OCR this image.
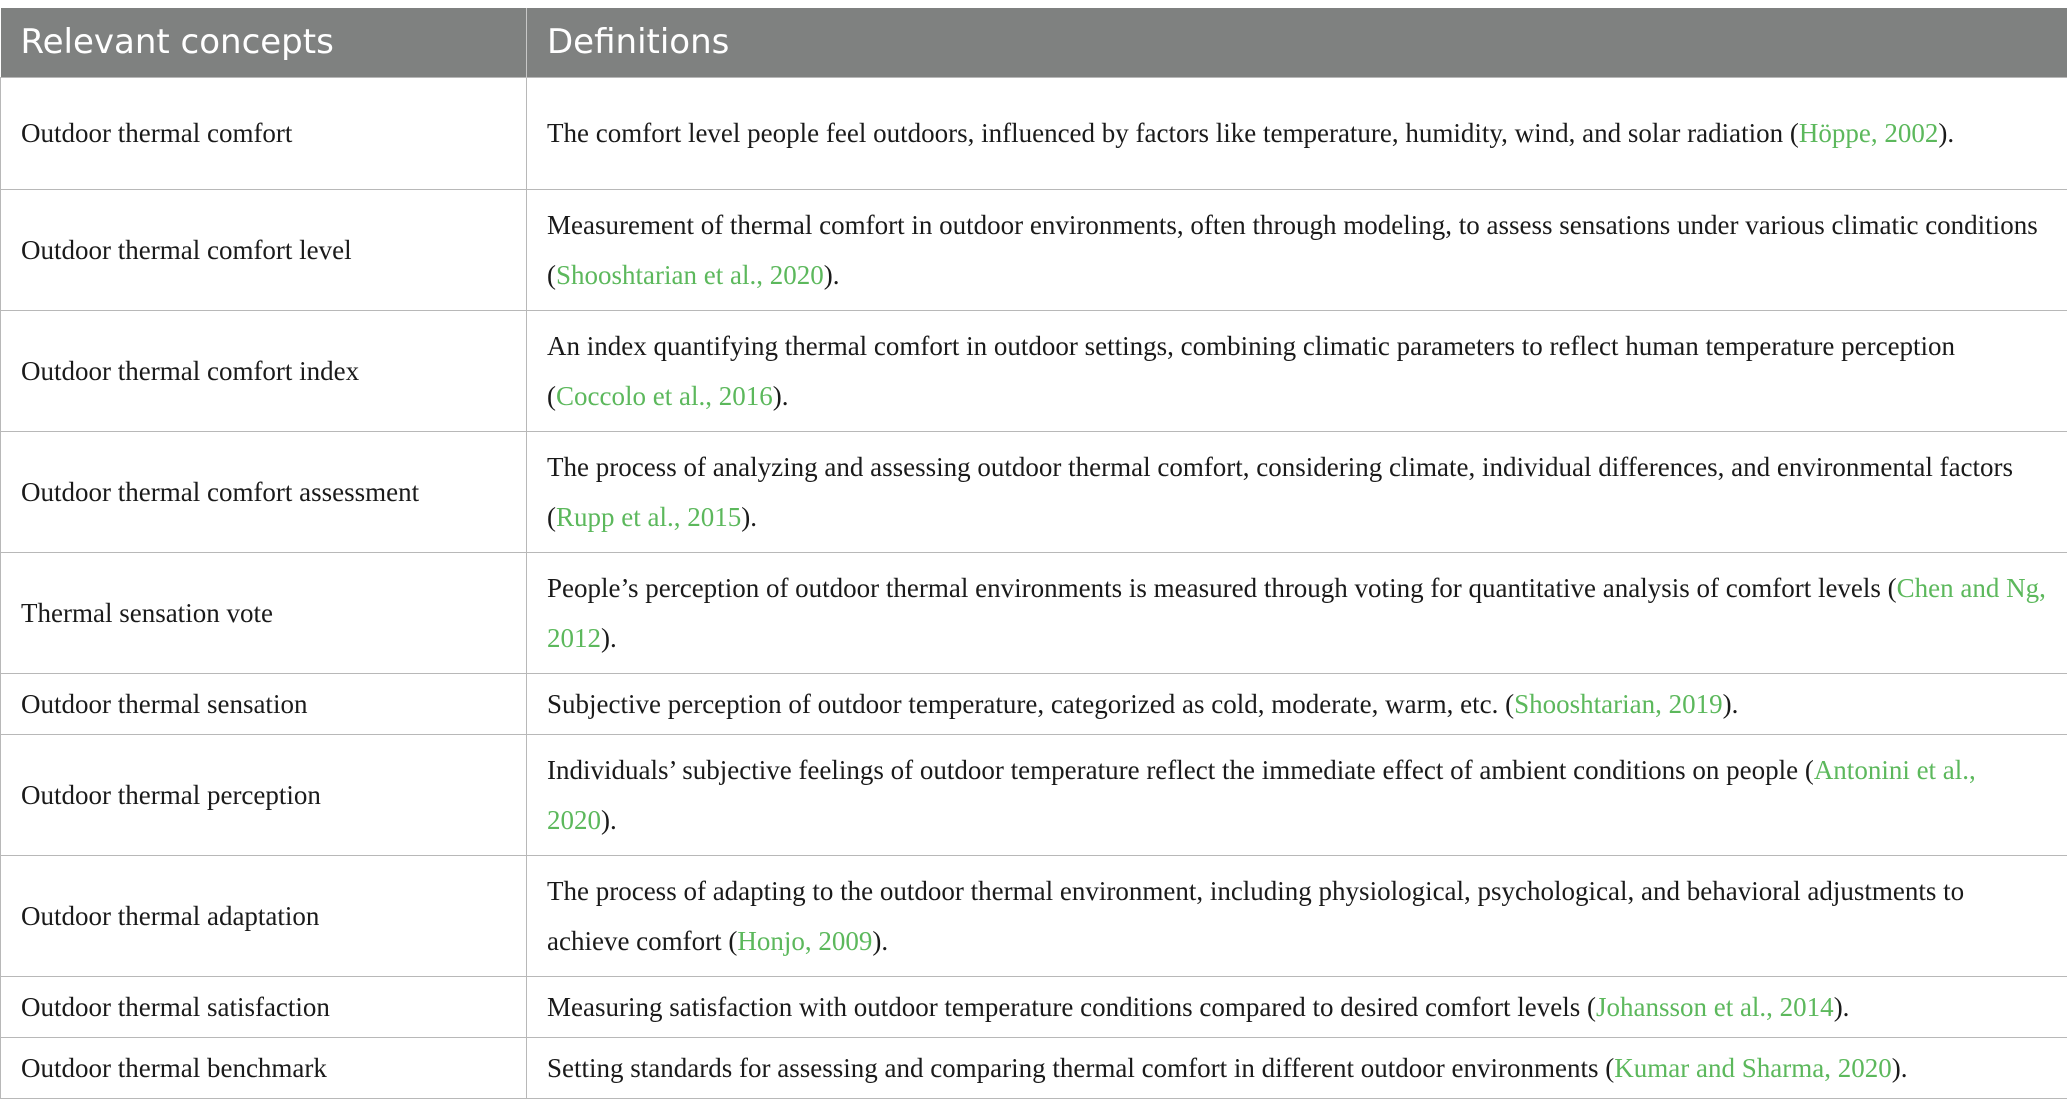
Relevant concepts	Definitions
Outdoor thermal comfort	The comfort level people feel outdoors, influenced by factors like temperature, humidity, wind, and solar radiation (Höppe, 2002).
Outdoor thermal comfort level	Measurement of thermal comfort in outdoor environments, often through modeling, to assess sensations under various climatic conditions (Shooshtarian et al., 2020).
Outdoor thermal comfort index	An index quantifying thermal comfort in outdoor settings, combining climatic parameters to reflect human temperature perception (Coccolo et al., 2016).
Outdoor thermal comfort assessment	The process of analyzing and assessing outdoor thermal comfort, considering climate, individual differences, and environmental factors (Rupp et al., 2015).
Thermal sensation vote	People’s perception of outdoor thermal environments is measured through voting for quantitative analysis of comfort levels (Chen and Ng, 2012).
Outdoor thermal sensation	Subjective perception of outdoor temperature, categorized as cold, moderate, warm, etc. (Shooshtarian, 2019).
Outdoor thermal perception	Individuals’ subjective feelings of outdoor temperature reflect the immediate effect of ambient conditions on people (Antonini et al., 2020).
Outdoor thermal adaptation	The process of adapting to the outdoor thermal environment, including physiological, psychological, and behavioral adjustments to achieve comfort (Honjo, 2009).
Outdoor thermal satisfaction	Measuring satisfaction with outdoor temperature conditions compared to desired comfort levels (Johansson et al., 2014).
Outdoor thermal benchmark	Setting standards for assessing and comparing thermal comfort in different outdoor environments (Kumar and Sharma, 2020).
